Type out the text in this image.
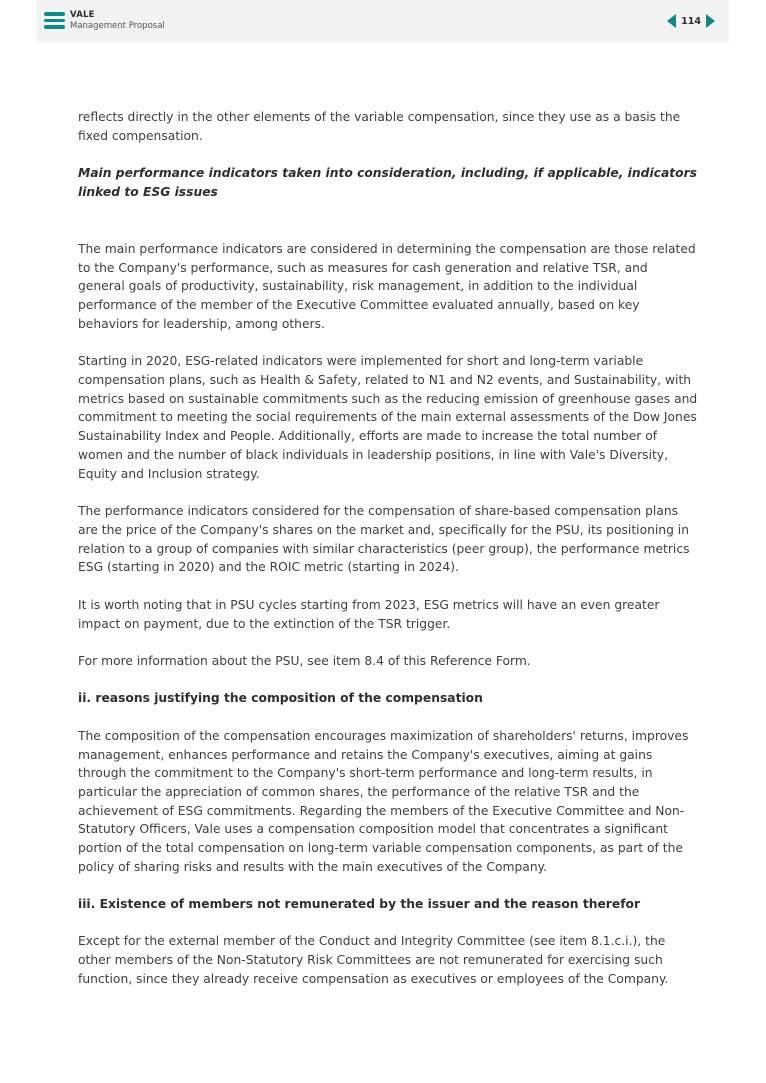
VALE
Management Proposal	114

reflects directly in the other elements of the variable compensation, since they use as a basis the fixed compensation.

Main performance indicators taken into consideration, including, if applicable, indicators linked to ESG issues

The main performance indicators are considered in determining the compensation are those related to the Company's performance, such as measures for cash generation and relative TSR, and general goals of productivity, sustainability, risk management, in addition to the individual performance of the member of the Executive Committee evaluated annually, based on key behaviors for leadership, among others.

Starting in 2020, ESG-related indicators were implemented for short and long-term variable compensation plans, such as Health & Safety, related to N1 and N2 events, and Sustainability, with metrics based on sustainable commitments such as the reducing emission of greenhouse gases and commitment to meeting the social requirements of the main external assessments of the Dow Jones Sustainability Index and People. Additionally, efforts are made to increase the total number of women and the number of black individuals in leadership positions, in line with Vale's Diversity, Equity and Inclusion strategy.

The performance indicators considered for the compensation of share-based compensation plans are the price of the Company's shares on the market and, specifically for the PSU, its positioning in relation to a group of companies with similar characteristics (peer group), the performance metrics ESG (starting in 2020) and the ROIC metric (starting in 2024).

It is worth noting that in PSU cycles starting from 2023, ESG metrics will have an even greater impact on payment, due to the extinction of the TSR trigger.

For more information about the PSU, see item 8.4 of this Reference Form.

ii. reasons justifying the composition of the compensation

The composition of the compensation encourages maximization of shareholders' returns, improves management, enhances performance and retains the Company's executives, aiming at gains through the commitment to the Company's short-term performance and long-term results, in particular the appreciation of common shares, the performance of the relative TSR and the achievement of ESG commitments. Regarding the members of the Executive Committee and Non-Statutory Officers, Vale uses a compensation composition model that concentrates a significant portion of the total compensation on long-term variable compensation components, as part of the policy of sharing risks and results with the main executives of the Company.

iii. Existence of members not remunerated by the issuer and the reason therefor

Except for the external member of the Conduct and Integrity Committee (see item 8.1.c.i.), the other members of the Non-Statutory Risk Committees are not remunerated for exercising such function, since they already receive compensation as executives or employees of the Company.
